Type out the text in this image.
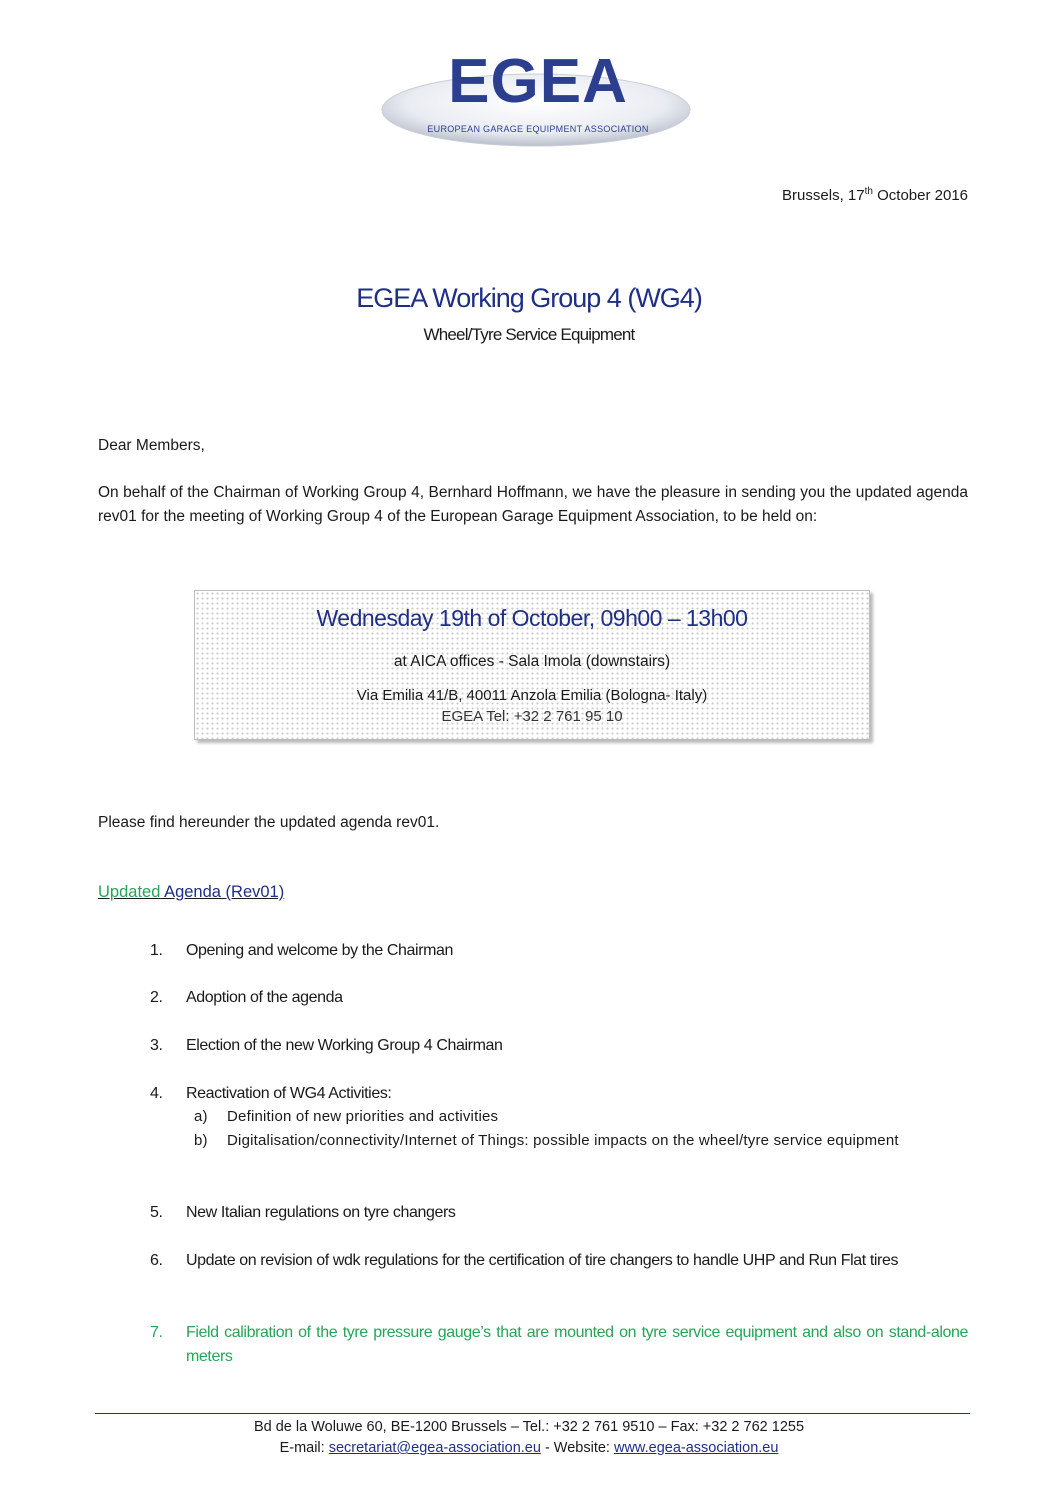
EGEA
EUROPEAN GARAGE EQUIPMENT ASSOCIATION
Brussels, 17th October 2016
EGEA Working Group 4 (WG4)
Wheel/Tyre Service Equipment
Dear Members,
On behalf of the Chairman of Working Group 4, Bernhard Hoffmann, we have the pleasure in sending you the updated agenda rev01 for the meeting of Working Group 4 of the European Garage Equipment Association, to be held on:
Wednesday 19th of October, 09h00 – 13h00
at AICA offices - Sala Imola (downstairs)
Via Emilia 41/B, 40011 Anzola Emilia (Bologna- Italy)
EGEA Tel: +32 2 761 95 10
Please find hereunder the updated agenda rev01.
Updated Agenda (Rev01)
1.	Opening and welcome by the Chairman
2.	Adoption of the agenda
3.	Election of the new Working Group 4 Chairman
4.	Reactivation of WG4 Activities:
a) Definition of new priorities and activities
b) Digitalisation/connectivity/Internet of Things: possible impacts on the wheel/tyre service equipment
5.	New Italian regulations on tyre changers
6.	Update on revision of wdk regulations for the certification of tire changers to handle UHP and Run Flat tires
7.	Field calibration of the tyre pressure gauge’s that are mounted on tyre service equipment and also on stand-alone meters
Bd de la Woluwe 60, BE-1200 Brussels – Tel.: +32 2 761 9510 – Fax: +32 2 762 1255
E-mail: secretariat@egea-association.eu - Website: www.egea-association.eu
